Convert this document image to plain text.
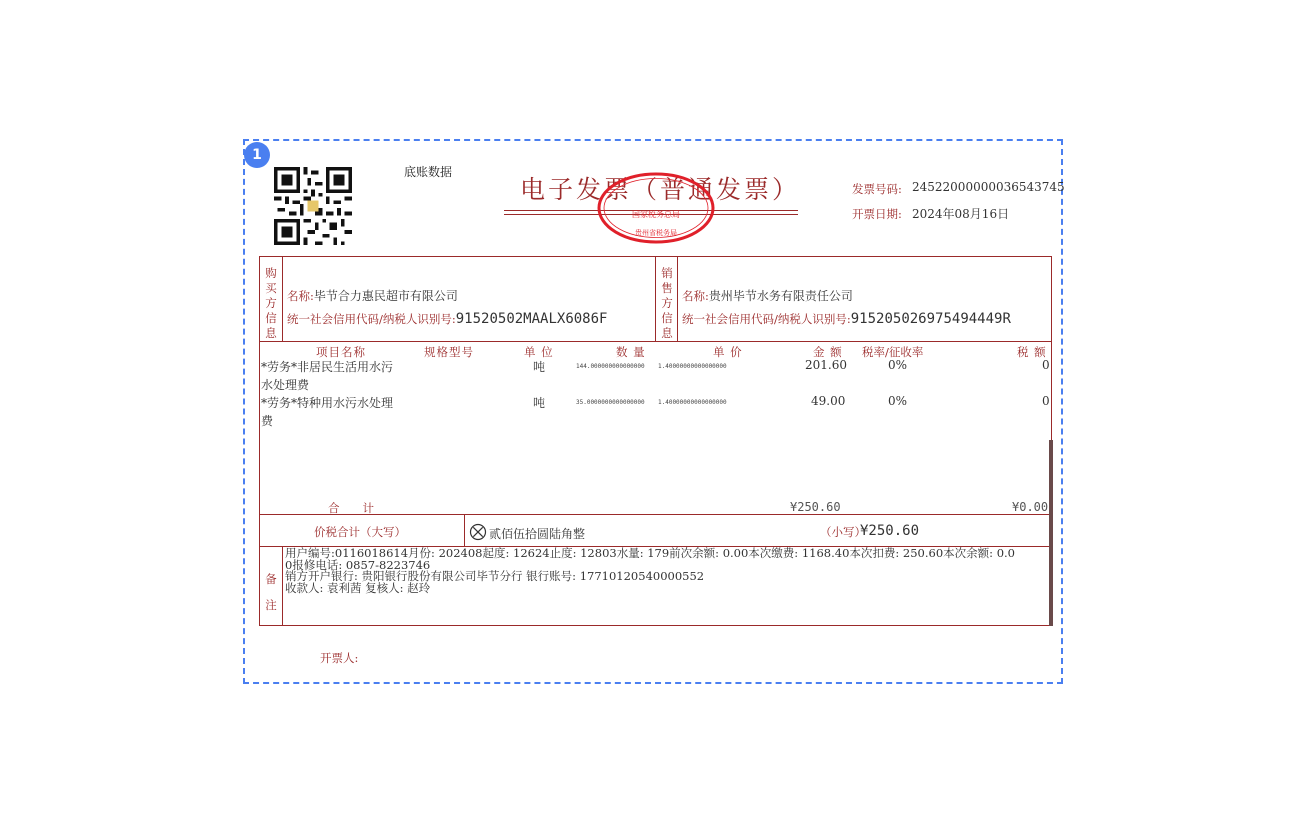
1
底账数据
电子发票（普通发票）
国家税务总局
贵州省税务局
发票号码: 24522000000036543745
开票日期: 2024年08月16日
购
买
方
信
息
名称:毕节合力惠民超市有限公司
统一社会信用代码/纳税人识别号:91520502MAALX6086F
销
售
方
信
息
名称:贵州毕节水务有限责任公司
统一社会信用代码/纳税人识别号:915205026975494449R
项目名称	规格型号	单 位	数 量	单 价	金 额 税率/征收率	税 额
*劳务*非居民生活用水污
水处理费
吨	144.000000000000000 1.40000000000000000	201.60	0%	0
*劳务*特种用水污水处理
费
吨	35.0000000000000000 1.40000000000000000	49.00	0%	0
合　　计	¥250.60	¥0.00
价税合计（大写）	贰佰伍拾圆陆角整	（小写）
¥250.60
备
注
用户编号:0116018614月份: 202408起度: 12624止度: 12803水量: 179前次余额: 0.00本次缴费: 1168.40本次扣费: 250.60本次余额: 0.0
0报修电话: 0857-8223746
销方开户银行: 贵阳银行股份有限公司毕节分行 银行账号: 17710120540000552
收款人: 袁利茜 复核人: 赵玲
开票人:
